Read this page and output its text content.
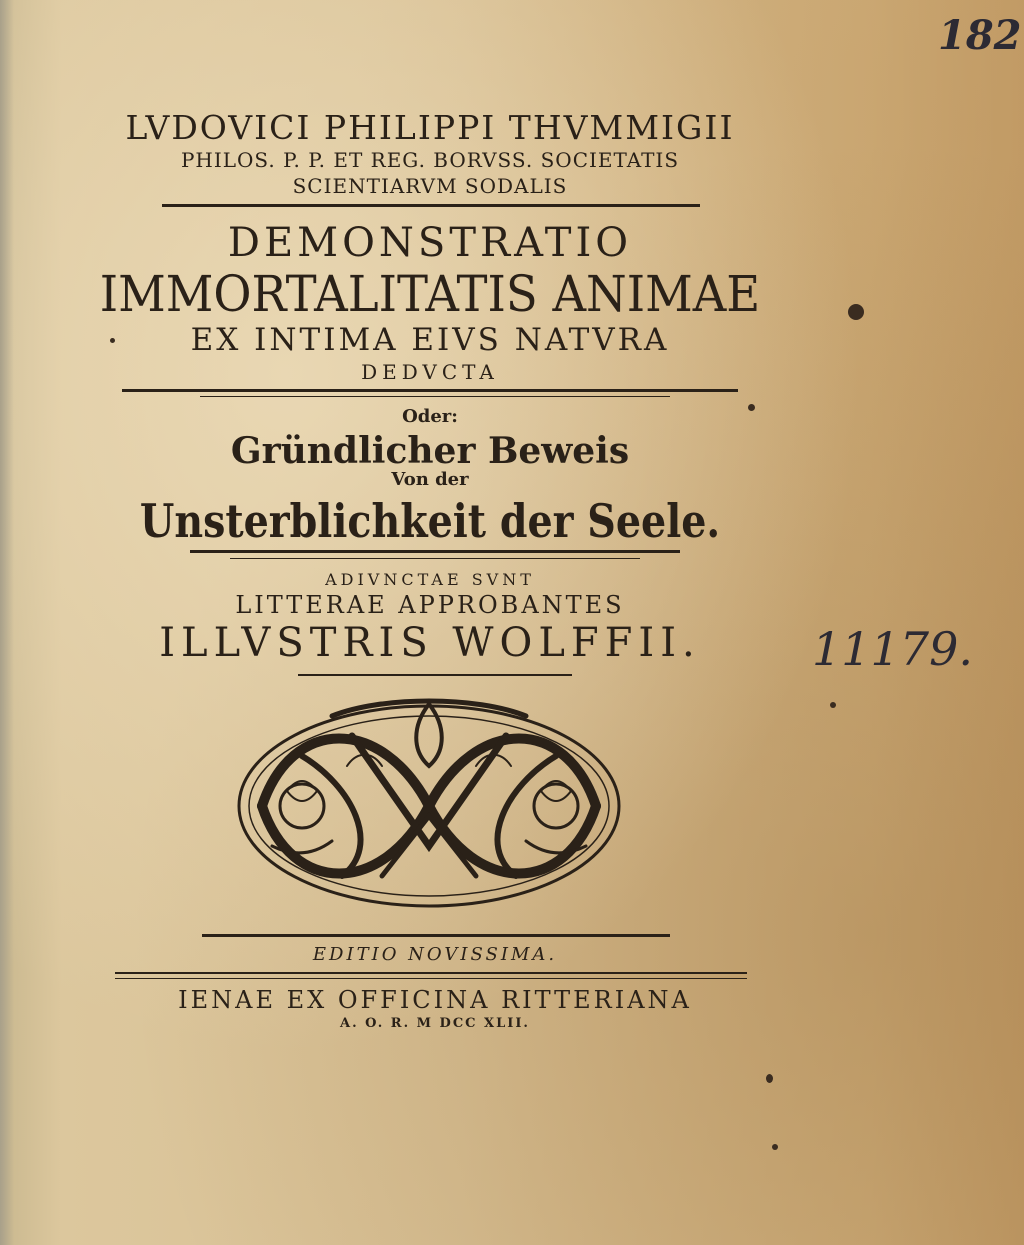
182
11179.
LVDOVICI PHILIPPI THVMMIGII
PHILOS. P. P. ET REG. BORVSS. SOCIETATIS
SCIENTIARVM SODALIS
DEMONSTRATIO
IMMORTALITATIS ANIMAE
EX INTIMA EIVS NATVRA
DEDVCTA
Oder:
Gründlicher Beweis
Von der
Unsterblichkeit der Seele.
ADIVNCTAE SVNT
LITTERAE APPROBANTES
ILLVSTRIS WOLFFII.
EDITIO NOVISSIMA.
IENAE EX OFFICINA RITTERIANA
A. O. R. M DCC XLII.
